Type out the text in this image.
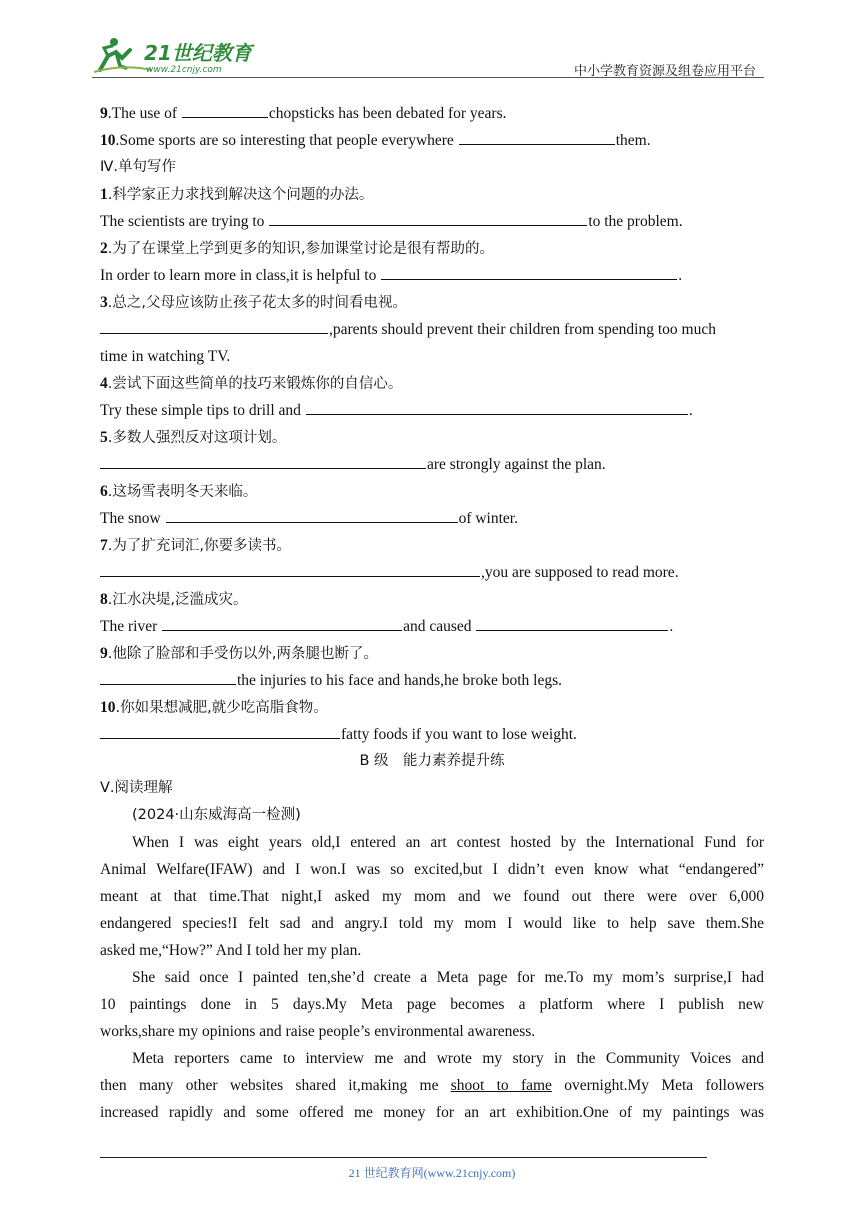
21世纪教育
www.21cnjy.com	中小学教育资源及组卷应用平台
9.The use of	chopsticks has been debated for years.
10.Some sports are so interesting that people everywhere	them.
Ⅳ.单句写作
1.科学家正力求找到解决这个问题的办法。
The scientists are trying to	to the problem.
2.为了在课堂上学到更多的知识,参加课堂讨论是很有帮助的。
In order to learn more in class,it is helpful to	.
3.总之,父母应该防止孩子花太多的时间看电视。
,parents should prevent their children from spending too much
time in watching TV.
4.尝试下面这些简单的技巧来锻炼你的自信心。
Try these simple tips to drill and	.
5.多数人强烈反对这项计划。
are strongly against the plan.
6.这场雪表明冬天来临。
The snow	of winter.
7.为了扩充词汇,你要多读书。
,you are supposed to read more.
8.江水决堤,泛滥成灾。
The river	and caused	.
9.他除了脸部和手受伤以外,两条腿也断了。
the injuries to his face and hands,he broke both legs.
10.你如果想减肥,就少吃高脂食物。
fatty foods if you want to lose weight.
B 级　能力素养提升练
Ⅴ.阅读理解
(2024·山东威海高一检测)
When I was eight years old,I entered an art contest hosted by the International Fund for
Animal Welfare(IFAW) and I won.I was so excited,but I didn’t even know what “endangered”
meant at that time.That night,I asked my mom and we found out there were over 6,000
endangered species!I felt sad and angry.I told my mom I would like to help save them.She
asked me,“How?” And I told her my plan.
She said once I painted ten,she’d create a Meta page for me.To my mom’s surprise,I had
10 paintings done in 5 days.My Meta page becomes a platform where I publish new
works,share my opinions and raise people’s environmental awareness.
Meta reporters came to interview me and wrote my story in the Community Voices and
then many other websites shared it,making me shoot to fame overnight.My Meta followers
increased rapidly and some offered me money for an art exhibition.One of my paintings was
21 世纪教育网(www.21cnjy.com)
